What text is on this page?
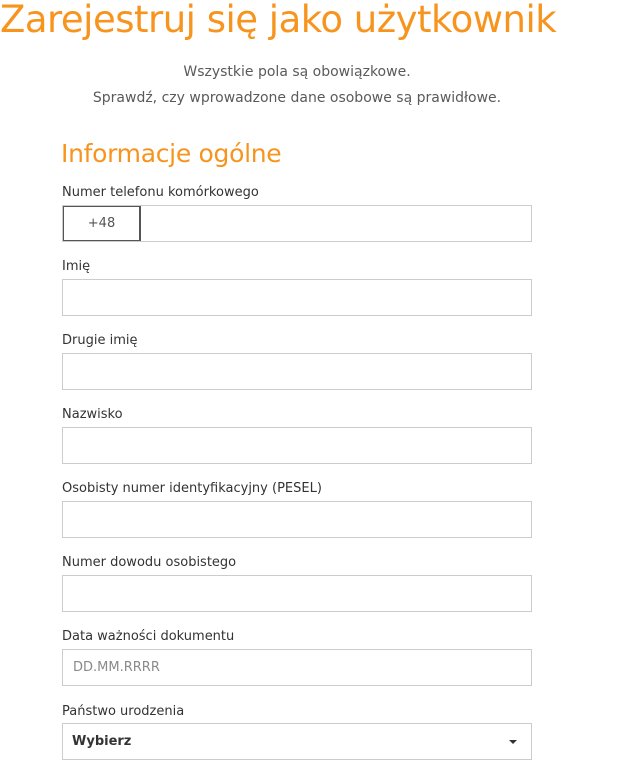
Zarejestruj się jako użytkownik
Wszystkie pola są obowiązkowe.
Sprawdź, czy wprowadzone dane osobowe są prawidłowe.
Informacje ogólne
Numer telefonu komórkowego
+48
Imię
Drugie imię
Nazwisko
Osobisty numer identyfikacyjny (PESEL)
Numer dowodu osobistego
Data ważności dokumentu
DD.MM.RRRR
Państwo urodzenia
Wybierz
